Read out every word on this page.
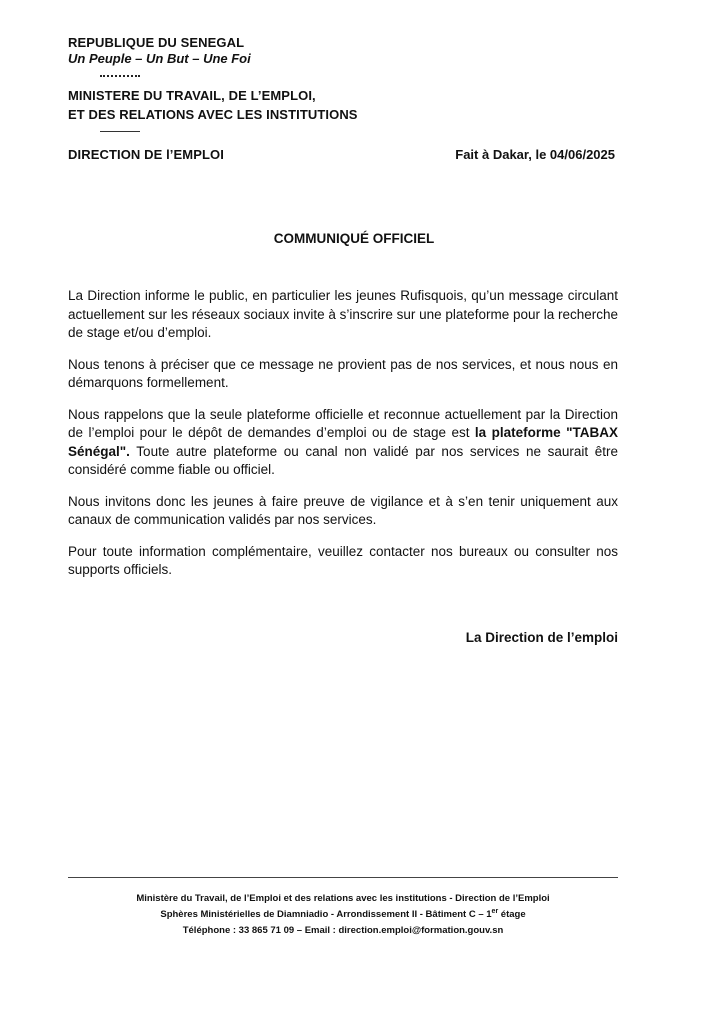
REPUBLIQUE DU SENEGAL
Un Peuple – Un But – Une Foi
MINISTERE DU TRAVAIL, DE L’EMPLOI,
ET DES RELATIONS AVEC LES INSTITUTIONS
DIRECTION DE l’EMPLOI	Fait à Dakar, le 04/06/2025
COMMUNIQUÉ OFFICIEL

La Direction informe le public, en particulier les jeunes Rufisquois, qu’un message circulant actuellement sur les réseaux sociaux invite à s’inscrire sur une plateforme pour la recherche de stage et/ou d’emploi.

Nous tenons à préciser que ce message ne provient pas de nos services, et nous nous en démarquons formellement.

Nous rappelons que la seule plateforme officielle et reconnue actuellement par la Direction de l’emploi pour le dépôt de demandes d’emploi ou de stage est la plateforme "TABAX Sénégal". Toute autre plateforme ou canal non validé par nos services ne saurait être considéré comme fiable ou officiel.

Nous invitons donc les jeunes à faire preuve de vigilance et à s’en tenir uniquement aux canaux de communication validés par nos services.

Pour toute information complémentaire, veuillez contacter nos bureaux ou consulter nos supports officiels.

La Direction de l’emploi
Ministère du Travail, de l’Emploi et des relations avec les institutions - Direction de l’Emploi
Sphères Ministérielles de Diamniadio - Arrondissement II - Bâtiment C – 1er étage
Téléphone : 33 865 71 09 – Email : direction.emploi@formation.gouv.sn
